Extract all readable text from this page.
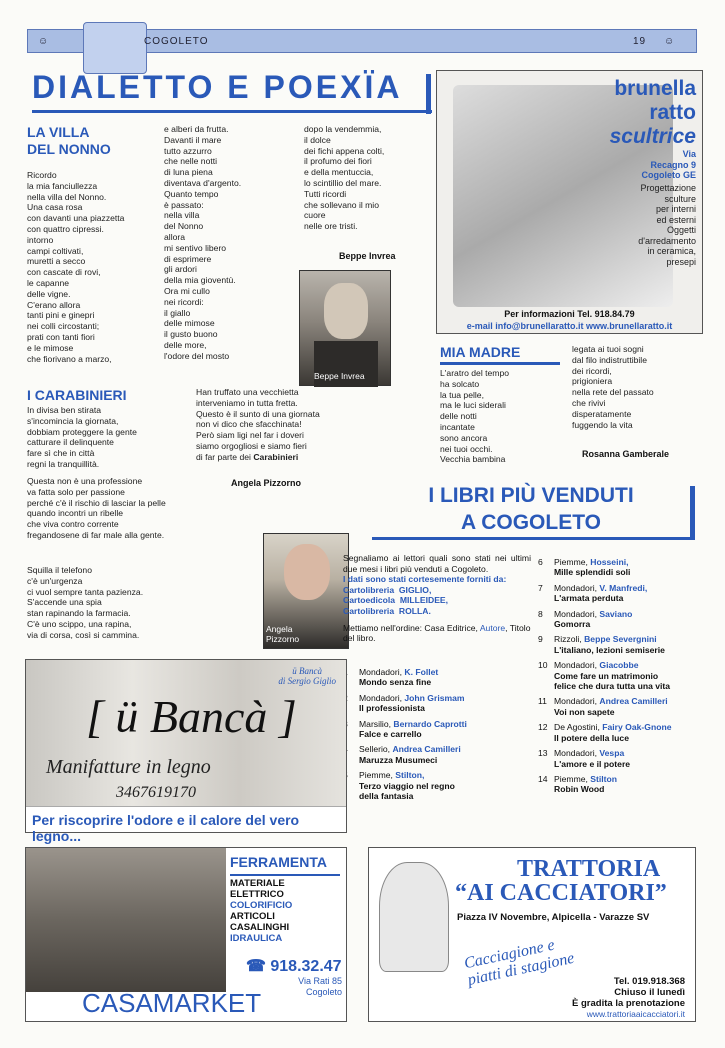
☺	COGOLETO	19 ☺
DIALETTO E POEXÏA
LA VILLA
DEL NONNO
Ricordo
la mia fanciullezza
nella villa del Nonno.
Una casa rosa
con davanti una piazzetta
con quattro cipressi.
intorno
campi coltivati,
muretti a secco
con cascate di rovi,
le capanne
delle vigne.
C'erano allora
tanti pini e ginepri
nei colli circostanti;
prati con tanti fiori
e le mimose
che fiorivano a marzo,
e alberi da frutta.
Davanti il mare
tutto azzurro
che nelle notti
di luna piena
diventava d'argento.
Quanto tempo
è passato:
nella villa
del Nonno
allora
mi sentivo libero
di esprimere
gli ardori
della mia gioventù.
Ora mi cullo
nei ricordi:
il giallo
delle mimose
il gusto buono
delle more,
l'odore del mosto
dopo la vendemmia,
il dolce
dei fichi appena colti,
il profumo dei fiori
e della mentuccia,
lo scintillio del mare.
Tutti ricordi
che sollevano il mio
cuore
nelle ore tristi.
Beppe Invrea
Beppe Invrea
I CARABINIERI
In divisa ben stirata
s'incomincia la giornata,
dobbiam proteggere la gente
catturare il delinquente
fare sì che in città
regni la tranquillità.
Questa non è una professione
va fatta solo per passione
perché c'è il rischio di lasciar la pelle
quando incontri un ribelle
che viva contro corrente
fregandosene di far male alla gente.
Squilla il telefono
c'è un'urgenza
ci vuol sempre tanta pazienza.
S'accende una spia
stan rapinando la farmacia.
C'è uno scippo, una rapina,
via di corsa, così si cammina.
Han truffato una vecchietta
interveniamo in tutta fretta.
Questo è il sunto di una giornata
non vi dico che sfacchinata!
Però siam ligi nel far i doveri
siamo orgogliosi e siamo fieri
di far parte dei Carabinieri
Angela Pizzorno
Angela
Pizzorno
brunella
ratto
scultrice
Via
Recagno 9
Cogoleto GE
Progettazione
sculture
per interni
ed esterni
Oggetti
d'arredamento
in ceramica,
presepi
Per informazioni Tel. 918.84.79
e-mail info@brunellaratto.it www.brunellaratto.it
MIA MADRE
L'aratro del tempo
ha solcato
la tua pelle,
ma le luci siderali
delle notti
incantate
sono ancora
nei tuoi occhi.
Vecchia bambina
legata ai tuoi sogni
dal filo indistruttibile
dei ricordi,
prigioniera
nella rete del passato
che rivivi
disperatamente
fuggendo la vita
Rosanna Gamberale
I LIBRI PIÙ VENDUTI
A COGOLETO
Segnaliamo ai lettori quali sono stati nei ultimi due mesi i libri più venduti a Cogoleto.
I dati sono stati cortesemente forniti da:
Cartolibreria  GIGLIO,
Cartoedicola  MILLEIDEE,
Cartolibreria  ROLLA.
Mettiamo nell'ordine: Casa Editrice, Autore, Titolo del libro.
Mondadori, K. Follet
Mondo senza fine
Mondadori, John Grismam
Il professionista
Marsilio, Bernardo Caprotti
Falce e carrello
Sellerio, Andrea Camilleri
Maruzza Musumeci
Piemme, Stilton,
Terzo viaggio nel regno
della fantasia
6	Piemme, Hosseini,
Mille splendidi soli
7	Mondadori, V. Manfredi,
L'armata perduta
8	Mondadori, Saviano
Gomorra
9	Rizzoli, Beppe Severgnini
L'italiano, lezioni semiserie
10 Mondadori, Giacobbe
Come fare un matrimonio
felice che dura tutta una vita
11 Mondadori, Andrea Camilleri
Voi non sapete
12 De Agostini, Fairy Oak-Gnone
Il potere della luce
13 Mondadori, Vespa
L'amore e il potere
14 Piemme, Stilton
Robin Wood
ü Bancà
di Sergio Giglio
[ ü Bancà ]
Manifatture in legno
3467619170
Per riscoprire l'odore e il calore del vero legno...
FERRAMENTA
MATERIALE
ELETTRICO
COLORIFICIO
ARTICOLI
CASALINGHI
IDRAULICA
☎ 918.32.47
Via Rati 85
Cogoleto
CASAMARKET
TRATTORIA
“AI CACCIATORI”
Piazza IV Novembre, Alpicella - Varazze SV
Cacciagione e
piatti di stagione	Tel. 019.918.368
Chiuso il lunedì
È gradita la prenotazione
www.trattoriaaicacciatori.it
